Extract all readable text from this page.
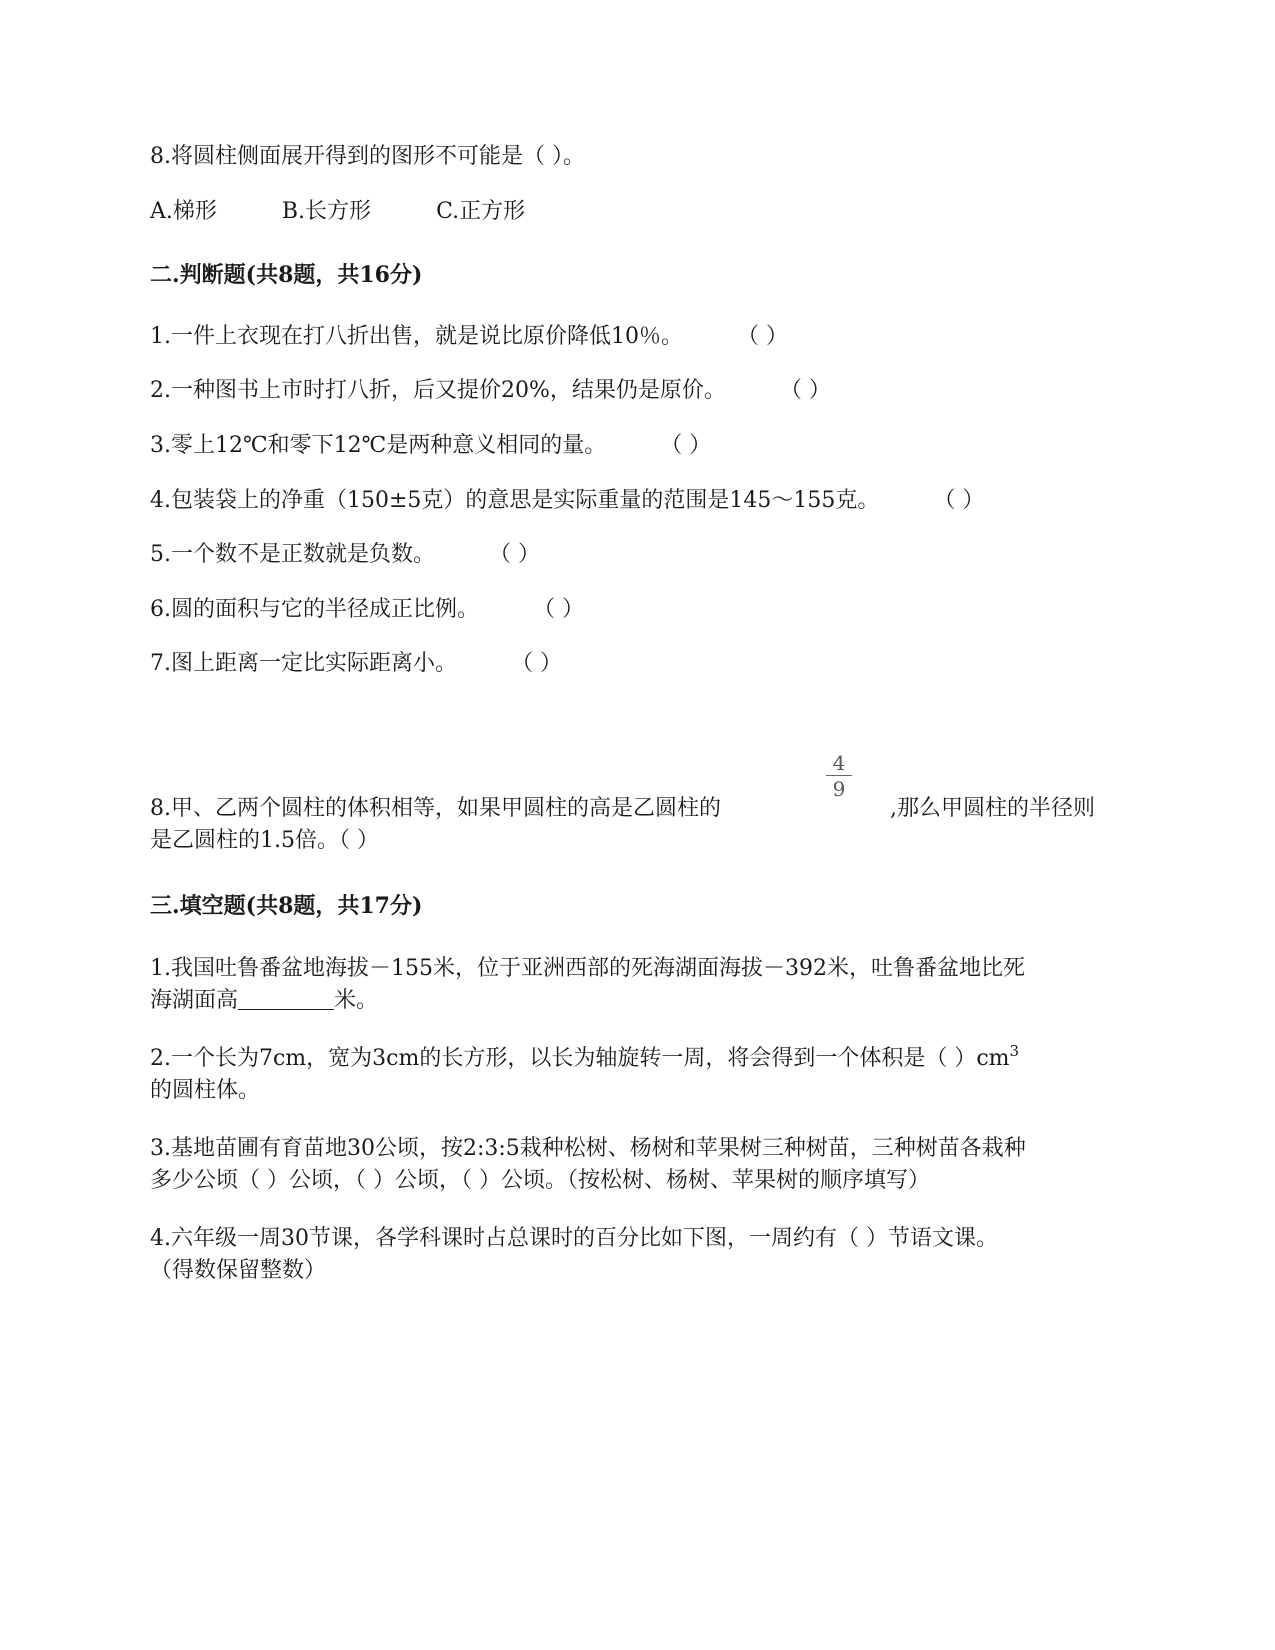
8.将圆柱侧面展开得到的图形不可能是（ ）。
A.梯形	B.长方形	C.正方形
二.判断题(共8题，共16分)
1.一件上衣现在打八折出售，就是说比原价降低10％。 （ ）
2.一种图书上市时打八折，后又提价20%，结果仍是原价。 （ ）
3.零上12℃和零下12℃是两种意义相同的量。 （ ）
4.包装袋上的净重（150±5克）的意思是实际重量的范围是145～155克。 （ ）
5.一个数不是正数就是负数。 （ ）
6.圆的面积与它的半径成正比例。 （ ）
7.图上距离一定比实际距离小。 （ ）
4
9
8.甲、乙两个圆柱的体积相等，如果甲圆柱的高是乙圆柱的	,那么甲圆柱的半径则
是乙圆柱的1.5倍。（ ）
三.填空题(共8题，共17分)
1.我国吐鲁番盆地海拔－155米，位于亚洲西部的死海湖面海拔－392米，吐鲁番盆地比死
海湖面高	米。
2.一个长为7cm，宽为3cm的长方形，以长为轴旋转一周，将会得到一个体积是（ ）$cm^3$
的圆柱体。
3.基地苗圃有育苗地30公顷，按2:3:5栽种松树、杨树和苹果树三种树苗，三种树苗各栽种
多少公顷（ ）公顷，（ ）公顷，（ ）公顷。（按松树、杨树、苹果树的顺序填写）
4.六年级一周30节课，各学科课时占总课时的百分比如下图，一周约有（ ）节语文课。
（得数保留整数）
